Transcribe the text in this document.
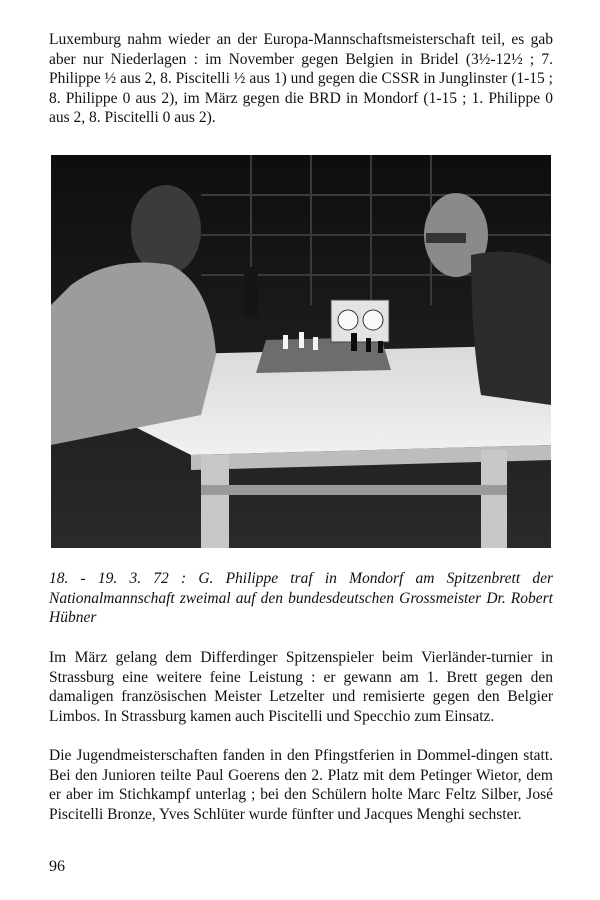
Luxemburg nahm wieder an der Europa-Mannschaftsmeisterschaft teil, es gab aber nur Niederlagen : im November gegen Belgien in Bridel (3½-12½ ; 7. Philippe ½ aus 2, 8. Piscitelli ½ aus 1) und gegen die CSSR in Junglinster (1-15 ; 8. Philippe 0 aus 2), im März gegen die BRD in Mondorf (1-15 ; 1. Philippe 0 aus 2, 8. Piscitelli 0 aus 2).

18. - 19. 3. 72 : G. Philippe traf in Mondorf am Spitzenbrett der Nationalmannschaft zweimal auf den bundesdeutschen Grossmeister Dr. Robert Hübner

Im März gelang dem Differdinger Spitzenspieler beim Vierländer-turnier in Strassburg eine weitere feine Leistung : er gewann am 1. Brett gegen den damaligen französischen Meister Letzelter und remisierte gegen den Belgier Limbos. In Strassburg kamen auch Piscitelli und Specchio zum Einsatz.

Die Jugendmeisterschaften fanden in den Pfingstferien in Dommel-dingen statt. Bei den Junioren teilte Paul Goerens den 2. Platz mit dem Petinger Wietor, dem er aber im Stichkampf unterlag ; bei den Schülern holte Marc Feltz Silber, José Piscitelli Bronze, Yves Schlüter wurde fünfter und Jacques Menghi sechster.

96
